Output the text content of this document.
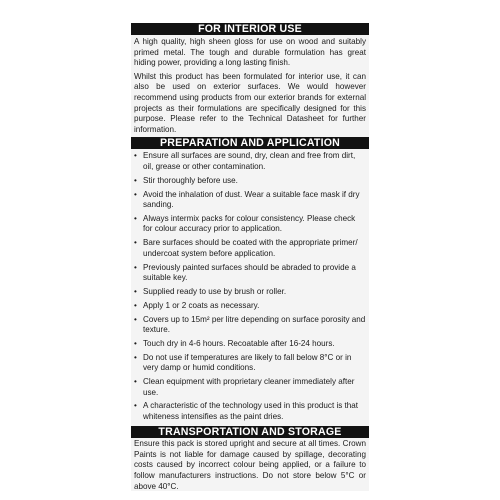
FOR INTERIOR USE
A high quality, high sheen gloss for use on wood and suitably primed metal. The tough and durable formulation has great hiding power, providing a long lasting finish.
Whilst this product has been formulated for interior use, it can also be used on exterior surfaces. We would however recommend using products from our exterior brands for external projects as their formulations are specifically designed for this purpose. Please refer to the Technical Datasheet for further information.
PREPARATION AND APPLICATION
• Ensure all surfaces are sound, dry, clean and free from dirt, oil, grease or other contamination.
• Stir thoroughly before use.
• Avoid the inhalation of dust. Wear a suitable face mask if dry sanding.
• Always intermix packs for colour consistency. Please check for colour accuracy prior to application.
• Bare surfaces should be coated with the appropriate primer/ undercoat system before application.
• Previously painted surfaces should be abraded to provide a suitable key.
• Supplied ready to use by brush or roller.
• Apply 1 or 2 coats as necessary.
• Covers up to 15m² per litre depending on surface porosity and texture.
• Touch dry in 4-6 hours. Recoatable after 16-24 hours.
• Do not use if temperatures are likely to fall below 8°C or in very damp or humid conditions.
• Clean equipment with proprietary cleaner immediately after use.
• A characteristic of the technology used in this product is that whiteness intensifies as the paint dries.
TRANSPORTATION AND STORAGE
Ensure this pack is stored upright and secure at all times. Crown Paints is not liable for damage caused by spillage, decorating costs caused by incorrect colour being applied, or a failure to follow manufacturers instructions. Do not store below 5°C or above 40°C.
